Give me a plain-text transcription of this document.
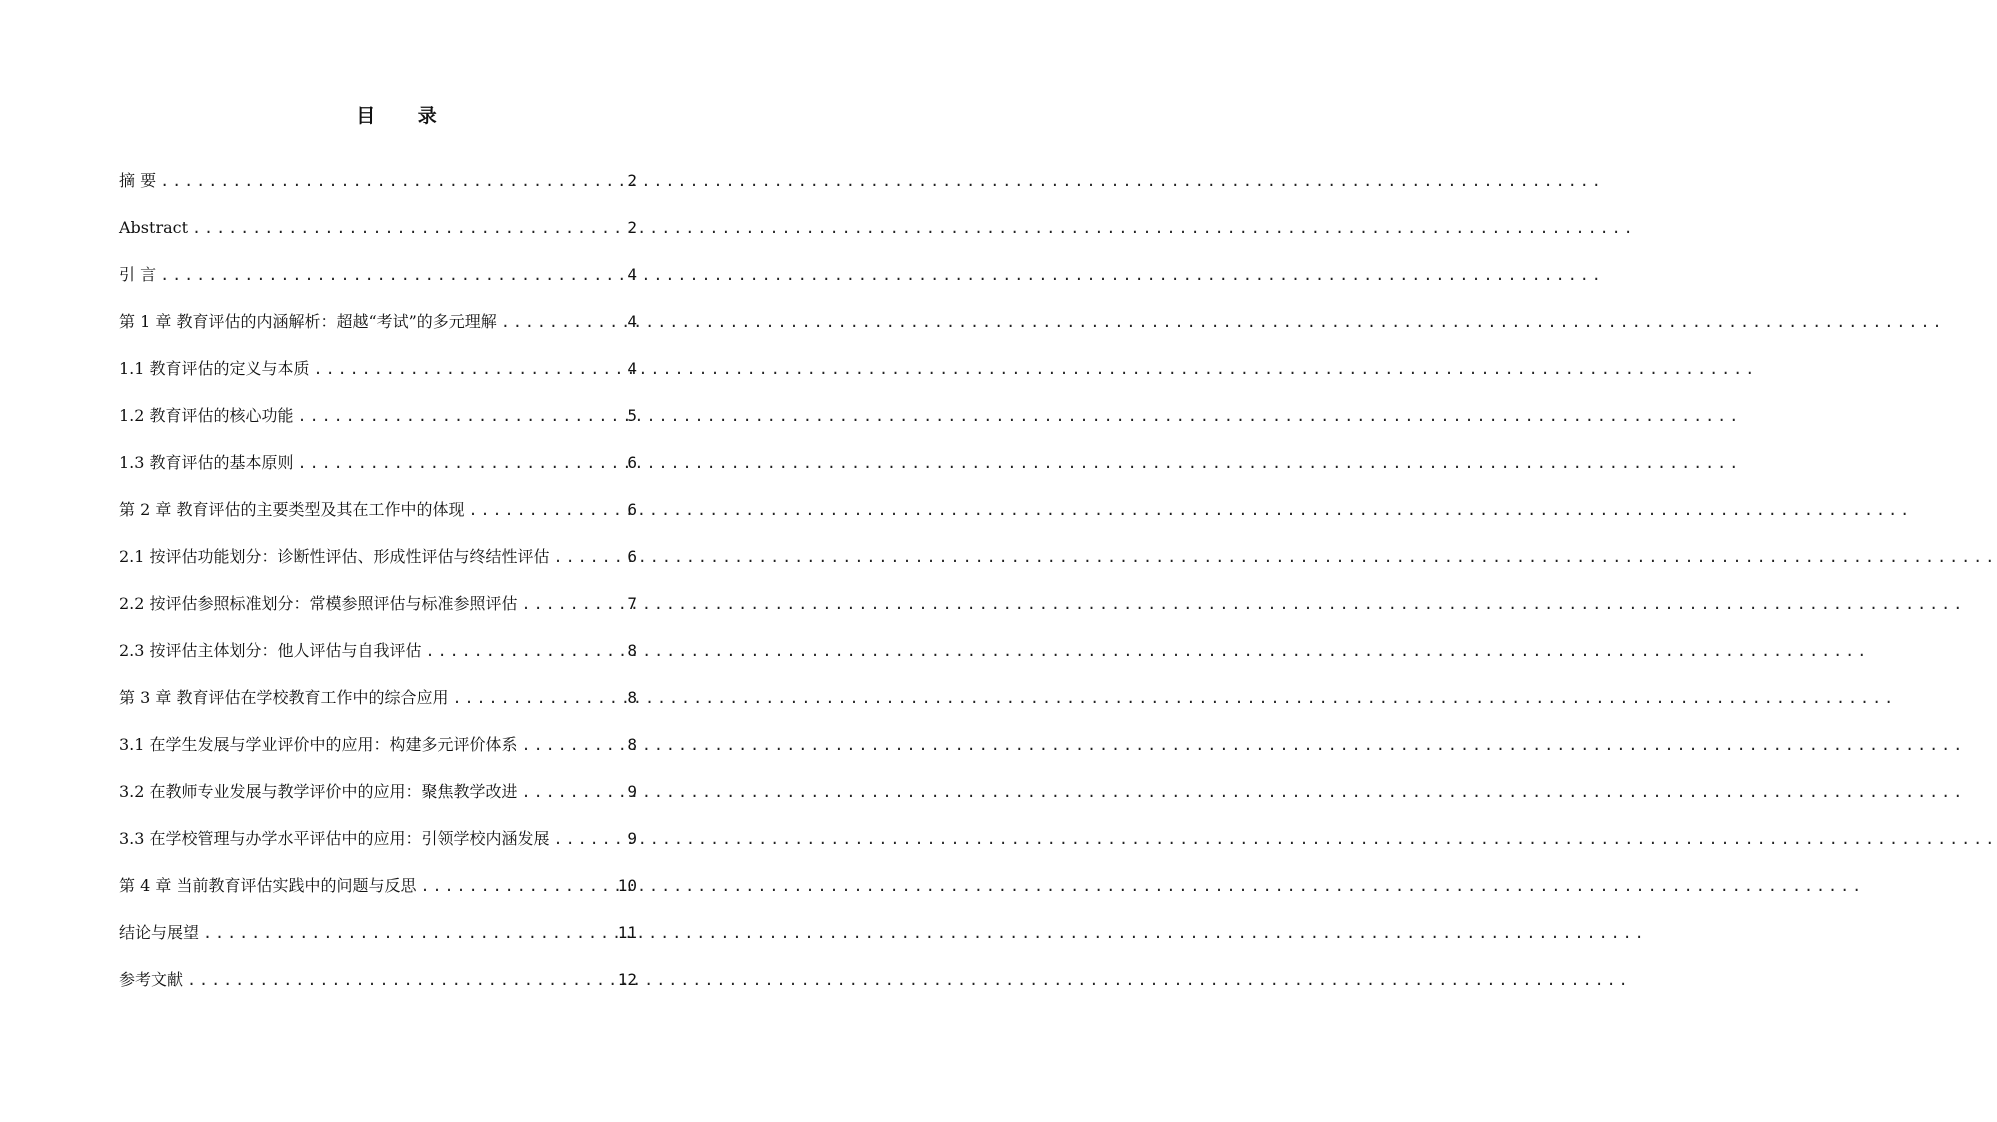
目 录
摘 要 .....	2
Abstract .....	2
引 言 .....	4
第 1 章 教育评估的内涵解析：超越“考试”的多元理解 .....	4
1.1 教育评估的定义与本质 .....	4
1.2 教育评估的核心功能 .....	5
1.3 教育评估的基本原则 .....	6
第 2 章 教育评估的主要类型及其在工作中的体现 .....	6
2.1 按评估功能划分：诊断性评估、形成性评估与终结性评估 .....	6
2.2 按评估参照标准划分：常模参照评估与标准参照评估 .....	7
2.3 按评估主体划分：他人评估与自我评估 .....	8
第 3 章 教育评估在学校教育工作中的综合应用 .....	8
3.1 在学生发展与学业评价中的应用：构建多元评价体系 .....	8
3.2 在教师专业发展与教学评价中的应用：聚焦教学改进 .....	9
3.3 在学校管理与办学水平评估中的应用：引领学校内涵发展 .....	9
第 4 章 当前教育评估实践中的问题与反思 .....	10
结论与展望 .....	11
参考文献 .....	12
